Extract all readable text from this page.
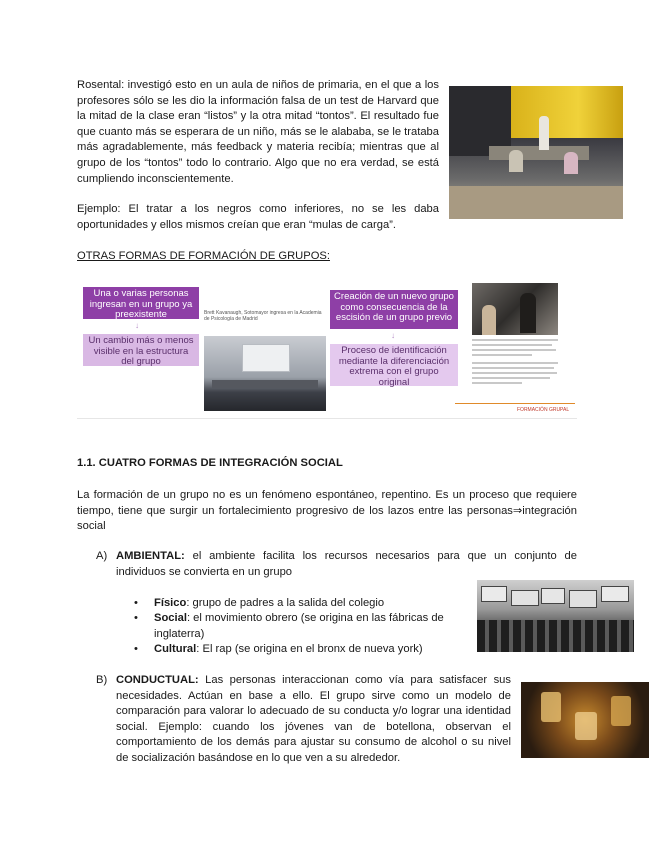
Rosental: investigó esto en un aula de niños de primaria, en el que a los profesores sólo se les dio la información falsa de un test de Harvard que la mitad de la clase eran “listos” y la otra mitad “tontos”. El resultado fue que cuanto más se esperara de un niño, más se le alababa, se le trataba más agradablemente, más feedback y materia recibía; mientras que al grupo de los “tontos” todo lo contrario. Algo que no era verdad, se está cumpliendo inconscientemente.
Ejemplo: El tratar a los negros como inferiores, no se les daba oportunidades y ellos mismos creían que eran “mulas de carga”.
OTRAS FORMAS DE FORMACIÓN DE GRUPOS:
Una o varias personas ingresan en un grupo ya preexistente
↓
Un cambio más o menos visible en la estructura del grupo
Brett Kavanaugh, Sotomayor ingresa en la Academia de Psicología de Madrid
Creación de un nuevo grupo como consecuencia de la escisión de un grupo previo
↓
Proceso de identificación mediante la diferenciación extrema con el grupo original
FORMACIÓN GRUPAL
1.1. CUATRO FORMAS DE INTEGRACIÓN SOCIAL
La formación de un grupo no es un fenómeno espontáneo, repentino. Es un proceso que requiere tiempo, tiene que surgir un fortalecimiento progresivo de los lazos entre las personas⇒integración social
A) AMBIENTAL: el ambiente facilita los recursos necesarios para que un conjunto de individuos se convierta en un grupo
•	Físico: grupo de padres a la salida del colegio
•	Social: el movimiento obrero (se origina en las fábricas de inglaterra)
•	Cultural: El rap (se origina en el bronx de nueva york)
B) CONDUCTUAL: Las personas interaccionan como vía para satisfacer sus necesidades. Actúan en base a ello. El grupo sirve como un modelo de comparación para valorar lo adecuado de su conducta y/o lograr una identidad social. Ejemplo: cuando los jóvenes van de botellona, observan el comportamiento de los demás para ajustar su consumo de alcohol o su nivel de socialización basándose en lo que ven a su alrededor.
